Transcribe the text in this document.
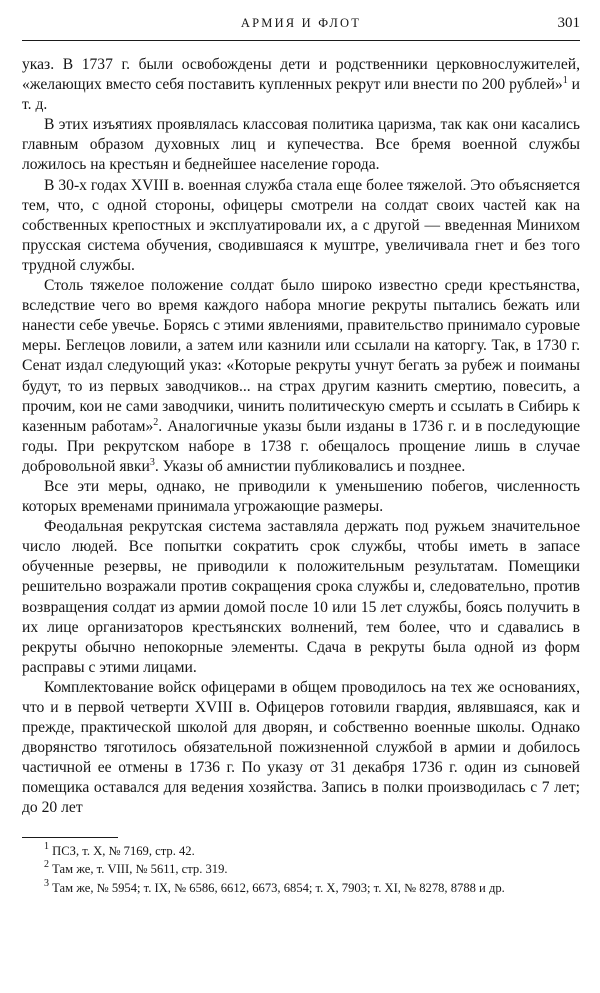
АРМИЯ И ФЛОТ	301

указ. В 1737 г. были освобождены дети и родственники церковнослужителей, «желающих вместо себя поставить купленных рекрут или внести по 200 рублей»$^1$ и т. д.

В этих изъятиях проявлялась классовая политика царизма, так как они касались главным образом духовных лиц и купечества. Все бремя военной службы ложилось на крестьян и беднейшее население города.

В 30-х годах XVIII в. военная служба стала еще более тяжелой. Это объясняется тем, что, с одной стороны, офицеры смотрели на солдат своих частей как на собственных крепостных и эксплуатировали их, а с другой — введенная Минихом прусская система обучения, сводившаяся к муштре, увеличивала гнет и без того трудной службы.

Столь тяжелое положение солдат было широко известно среди крестьянства, вследствие чего во время каждого набора многие рекруты пытались бежать или нанести себе увечье. Борясь с этими явлениями, правительство принимало суровые меры. Беглецов ловили, а затем или казнили или ссылали на каторгу. Так, в 1730 г. Сенат издал следующий указ: «Которые рекруты учнут бегать за рубеж и поиманы будут, то из первых заводчиков... на страх другим казнить смертию, повесить, а прочим, кои не сами заводчики, чинить политическую смерть и ссылать в Сибирь к казенным работам»$^2$. Аналогичные указы были изданы в 1736 г. и в последующие годы. При рекрутском наборе в 1738 г. обещалось прощение лишь в случае добровольной явки$^3$. Указы об амнистии публиковались и позднее.

Все эти меры, однако, не приводили к уменьшению побегов, численность которых временами принимала угрожающие размеры.

Феодальная рекрутская система заставляла держать под ружьем значительное число людей. Все попытки сократить срок службы, чтобы иметь в запасе обученные резервы, не приводили к положительным результатам. Помещики решительно возражали против сокращения срока службы и, следовательно, против возвращения солдат из армии домой после 10 или 15 лет службы, боясь получить в их лице организаторов крестьянских волнений, тем более, что и сдавались в рекруты обычно непокорные элементы. Сдача в рекруты была одной из форм расправы с этими лицами.

Комплектование войск офицерами в общем проводилось на тех же основаниях, что и в первой четверти XVIII в. Офицеров готовили гвардия, являвшаяся, как и прежде, практической школой для дворян, и собственно военные школы. Однако дворянство тяготилось обязательной пожизненной службой в армии и добилось частичной ее отмены в 1736 г. По указу от 31 декабря 1736 г. один из сыновей помещика оставался для ведения хозяйства. Запись в полки производилась с 7 лет; до 20 лет

$^1$ ПСЗ, т. X, № 7169, стр. 42.

$^2$ Там же, т. VIII, № 5611, стр. 319.

$^3$ Там же, № 5954; т. IX, № 6586, 6612, 6673, 6854; т. X, 7903; т. XI, № 8278, 8788 и др.
